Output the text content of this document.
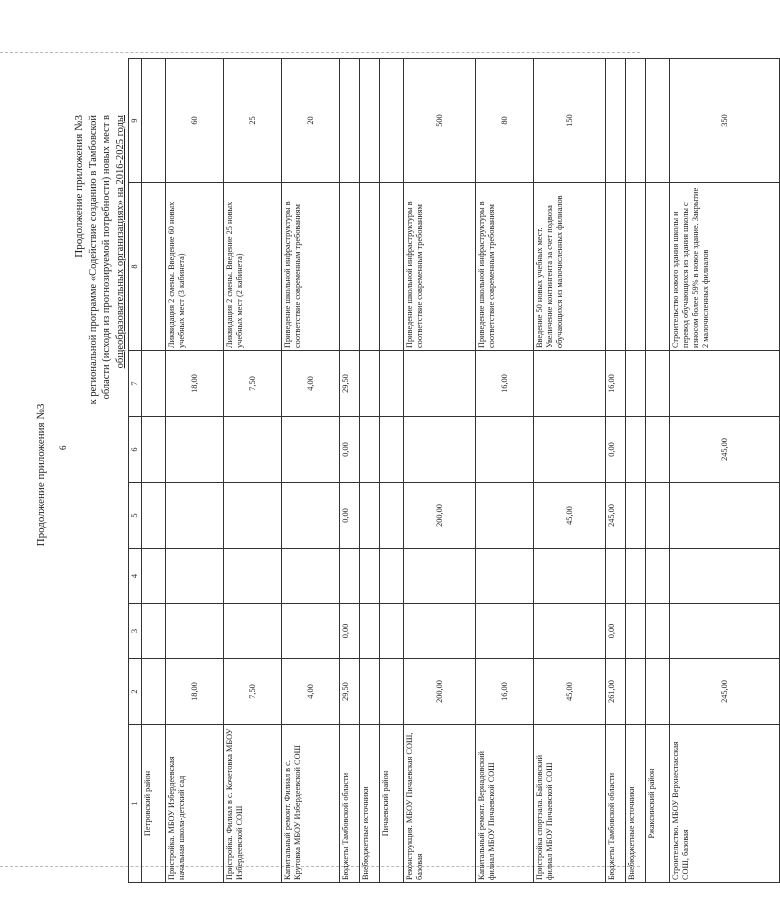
6
Продолжение приложения №3
Продолжение приложения №3 к региональной программе «Содействие созданию в Тамбовской области (исходя из прогнозируемой потребности) новых мест в общеобразовательных организациях» на 2016-2025 годы
1	2	3	4	5	6	7	8	9
Петровский район								
Пристройка. МБОУ Избердеевская начальная школа-детский сад	18,00					18,00	Ликвидация 2 смены. Введение 60 новых учебных мест (3 кабинета)	60
Пристройка. Филиал в с. Кочетовка МБОУ Избердеевской СОШ	7,50					7,50	Ликвидация 2 смены. Введение 25 новых учебных мест (2 кабинета)	25
Капитальный ремонт. Филиал в с. Крутовка МБОУ Избердеевской СОШ	4,00					4,00	Приведение школьной инфраструктуры в соответствие современным требованиям	20
Бюджеты Тамбовской области	29,50	0,00		0,00	0,00	29,50		
Внебюджетные источники								
Пичаевский район								
Реконструкция. МБОУ Пичаевская СОШ, базовая	200,00			200,00			Приведение школьной инфраструктуры в соответствие современным требованиям	500
Капитальный ремонт. Вернадовский филиал МБОУ Пичаевской СОШ	16,00					16,00	Приведение школьной инфраструктуры в соответствие современным требованиям	80
Пристройка спортзала. Байловский филиал МБОУ Пичаевской СОШ	45,00			45,00			Введение 50 новых учебных мест. Увеличение контингента за счет подвоза обучающихся из малочисленных филиалов	150
Бюджеты Тамбовской области	261,00	0,00		245,00	0,00	16,00		
Внебюджетные источники								
Ржаксинский район								
Строительство. МБОУ Верхнеспасская СОШ, базовая	245,00				245,00		Строительство нового здания школы и перевод обучающихся из здания школы с износом более 59% в новое здание. Закрытие 2 малочисленных филиалов	350
